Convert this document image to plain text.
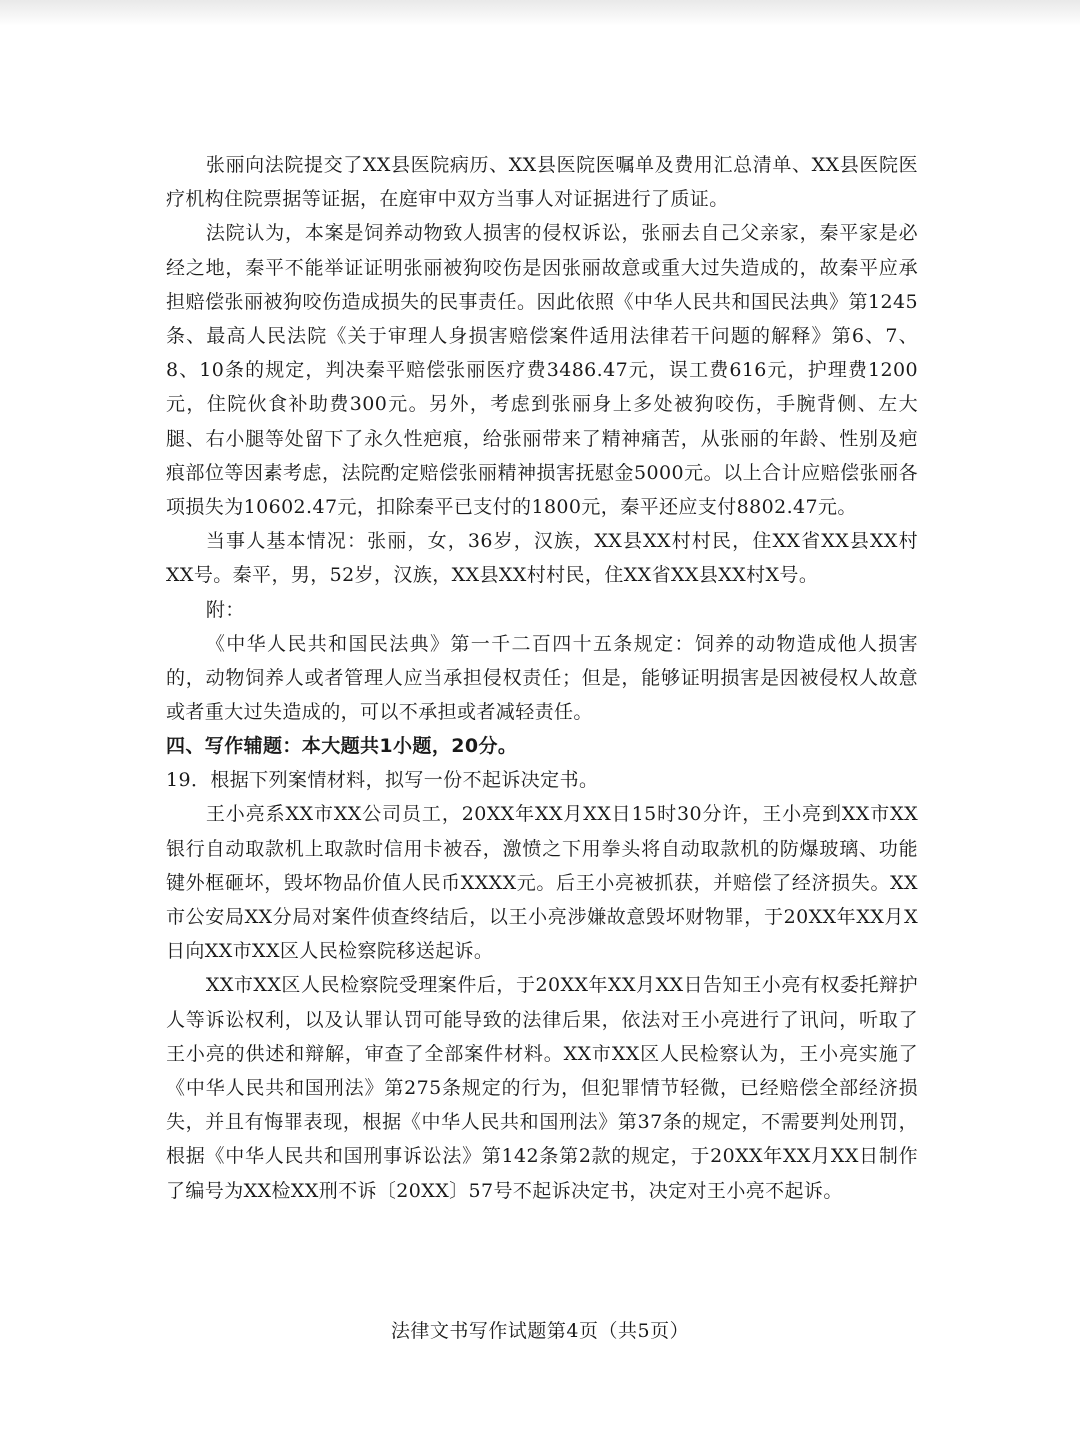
张丽向法院提交了XX县医院病历、XX县医院医嘱单及费用汇总清单、XX县医院医疗机构住院票据等证据，在庭审中双方当事人对证据进行了质证。

法院认为，本案是饲养动物致人损害的侵权诉讼，张丽去自己父亲家，秦平家是必经之地，秦平不能举证证明张丽被狗咬伤是因张丽故意或重大过失造成的，故秦平应承担赔偿张丽被狗咬伤造成损失的民事责任。因此依照《中华人民共和国民法典》第1245条、最高人民法院《关于审理人身损害赔偿案件适用法律若干问题的解释》第6、7、8、10条的规定，判决秦平赔偿张丽医疗费3486.47元，误工费616元，护理费1200元，住院伙食补助费300元。另外，考虑到张丽身上多处被狗咬伤，手腕背侧、左大腿、右小腿等处留下了永久性疤痕，给张丽带来了精神痛苦，从张丽的年龄、性别及疤痕部位等因素考虑，法院酌定赔偿张丽精神损害抚慰金5000元。以上合计应赔偿张丽各项损失为10602.47元，扣除秦平已支付的1800元，秦平还应支付8802.47元。

当事人基本情况：张丽，女，36岁，汉族，XX县XX村村民，住XX省XX县XX村XX号。秦平，男，52岁，汉族，XX县XX村村民，住XX省XX县XX村X号。

附：

《中华人民共和国民法典》第一千二百四十五条规定：饲养的动物造成他人损害的，动物饲养人或者管理人应当承担侵权责任；但是，能够证明损害是因被侵权人故意或者重大过失造成的，可以不承担或者减轻责任。

四、写作辅题：本大题共1小题，20分。

19．根据下列案情材料，拟写一份不起诉决定书。

王小亮系XX市XX公司员工，20XX年XX月XX日15时30分许，王小亮到XX市XX银行自动取款机上取款时信用卡被吞，激愤之下用拳头将自动取款机的防爆玻璃、功能键外框砸坏，毁坏物品价值人民币XXXX元。后王小亮被抓获，并赔偿了经济损失。XX市公安局XX分局对案件侦查终结后，以王小亮涉嫌故意毁坏财物罪，于20XX年XX月X日向XX市XX区人民检察院移送起诉。

XX市XX区人民检察院受理案件后，于20XX年XX月XX日告知王小亮有权委托辩护人等诉讼权利，以及认罪认罚可能导致的法律后果，依法对王小亮进行了讯问，听取了王小亮的供述和辩解，审查了全部案件材料。XX市XX区人民检察认为，王小亮实施了《中华人民共和国刑法》第275条规定的行为，但犯罪情节轻微，已经赔偿全部经济损失，并且有悔罪表现，根据《中华人民共和国刑法》第37条的规定，不需要判处刑罚，根据《中华人民共和国刑事诉讼法》第142条第2款的规定，于20XX年XX月XX日制作了编号为XX检XX刑不诉〔20XX〕57号不起诉决定书，决定对王小亮不起诉。

法律文书写作试题第4页（共5页）
